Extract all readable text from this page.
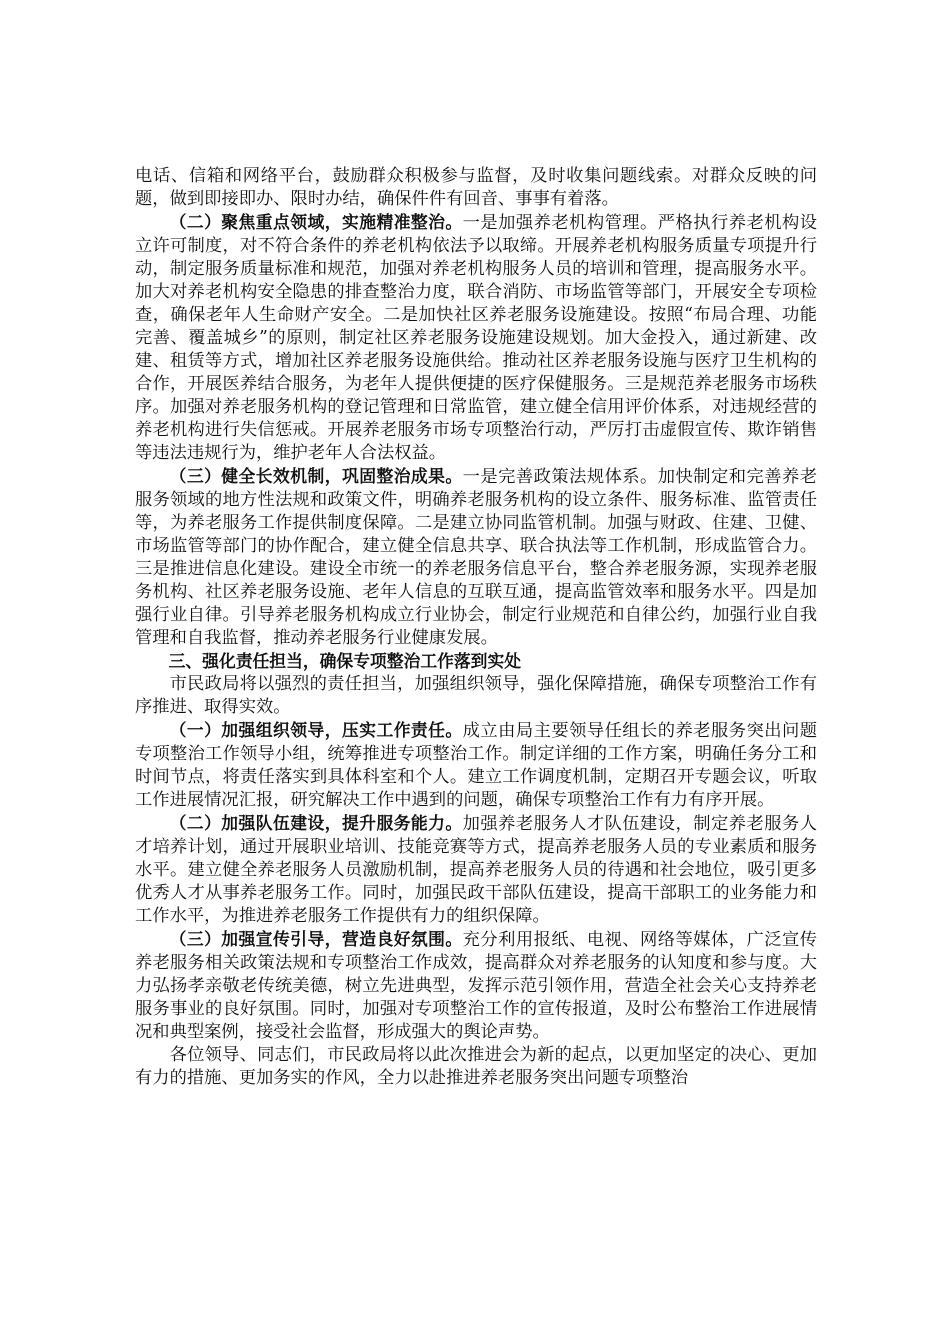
电话、信箱和网络平台，鼓励群众积极参与监督，及时收集问题线索。对群众反映的问题，做到即接即办、限时办结，确保件件有回音、事事有着落。

（二）聚焦重点领域，实施精准整治。一是加强养老机构管理。严格执行养老机构设立许可制度，对不符合条件的养老机构依法予以取缔。开展养老机构服务质量专项提升行动，制定服务质量标准和规范，加强对养老机构服务人员的培训和管理，提高服务水平。加大对养老机构安全隐患的排查整治力度，联合消防、市场监管等部门，开展安全专项检查，确保老年人生命财产安全。二是加快社区养老服务设施建设。按照“布局合理、功能完善、覆盖城乡”的原则，制定社区养老服务设施建设规划。加大金投入，通过新建、改建、租赁等方式，增加社区养老服务设施供给。推动社区养老服务设施与医疗卫生机构的合作，开展医养结合服务，为老年人提供便捷的医疗保健服务。三是规范养老服务市场秩序。加强对养老服务机构的登记管理和日常监管，建立健全信用评价体系，对违规经营的养老机构进行失信惩戒。开展养老服务市场专项整治行动，严厉打击虚假宣传、欺诈销售等违法违规行为，维护老年人合法权益。

（三）健全长效机制，巩固整治成果。一是完善政策法规体系。加快制定和完善养老服务领域的地方性法规和政策文件，明确养老服务机构的设立条件、服务标准、监管责任等，为养老服务工作提供制度保障。二是建立协同监管机制。加强与财政、住建、卫健、市场监管等部门的协作配合，建立健全信息共享、联合执法等工作机制，形成监管合力。三是推进信息化建设。建设全市统一的养老服务信息平台，整合养老服务源，实现养老服务机构、社区养老服务设施、老年人信息的互联互通，提高监管效率和服务水平。四是加强行业自律。引导养老服务机构成立行业协会，制定行业规范和自律公约，加强行业自我管理和自我监督，推动养老服务行业健康发展。

三、强化责任担当，确保专项整治工作落到实处

市民政局将以强烈的责任担当，加强组织领导，强化保障措施，确保专项整治工作有序推进、取得实效。

（一）加强组织领导，压实工作责任。成立由局主要领导任组长的养老服务突出问题专项整治工作领导小组，统筹推进专项整治工作。制定详细的工作方案，明确任务分工和时间节点，将责任落实到具体科室和个人。建立工作调度机制，定期召开专题会议，听取工作进展情况汇报，研究解决工作中遇到的问题，确保专项整治工作有力有序开展。

（二）加强队伍建设，提升服务能力。加强养老服务人才队伍建设，制定养老服务人才培养计划，通过开展职业培训、技能竞赛等方式，提高养老服务人员的专业素质和服务水平。建立健全养老服务人员激励机制，提高养老服务人员的待遇和社会地位，吸引更多优秀人才从事养老服务工作。同时，加强民政干部队伍建设，提高干部职工的业务能力和工作水平，为推进养老服务工作提供有力的组织保障。

（三）加强宣传引导，营造良好氛围。充分利用报纸、电视、网络等媒体，广泛宣传养老服务相关政策法规和专项整治工作成效，提高群众对养老服务的认知度和参与度。大力弘扬孝亲敬老传统美德，树立先进典型，发挥示范引领作用，营造全社会关心支持养老服务事业的良好氛围。同时，加强对专项整治工作的宣传报道，及时公布整治工作进展情况和典型案例，接受社会监督，形成强大的舆论声势。

各位领导、同志们，市民政局将以此次推进会为新的起点，以更加坚定的决心、更加有力的措施、更加务实的作风，全力以赴推进养老服务突出问题专项整治
